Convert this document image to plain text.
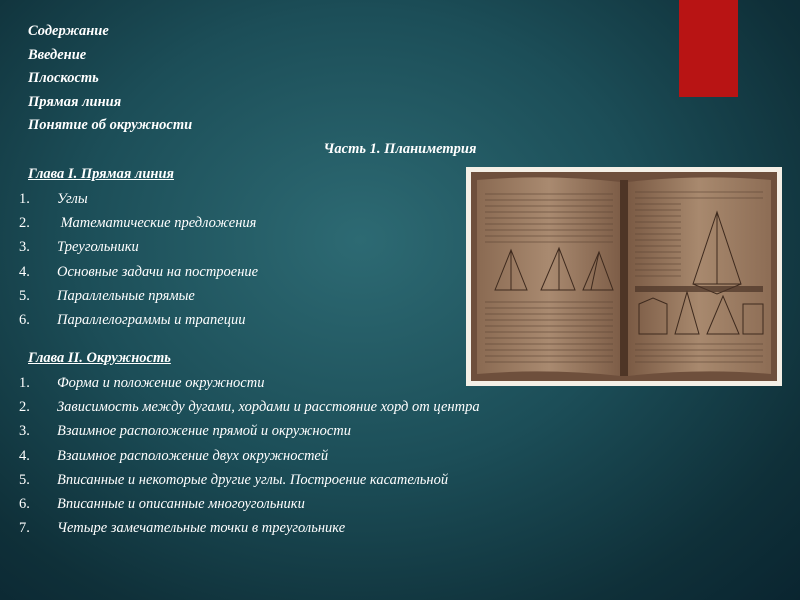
Содержание
Введение
Плоскость
Прямая линия
Понятие об окружности
Часть 1. Планиметрия
Глава I. Прямая линия
1. Углы
2. Математические предложения
3. Треугольники
4. Основные задачи на построение
5. Параллельные прямые
6. Параллелограммы и трапеции
Глава II. Окружность
1. Форма и положение окружности
2. Зависимость между дугами, хордами и расстояние хорд от центра
3. Взаимное расположение прямой и окружности
4. Взаимное расположение двух окружностей
5. Вписанные и некоторые другие углы. Построение касательной
6. Вписанные и описанные многоугольники
7. Четыре замечательные точки в треугольнике
